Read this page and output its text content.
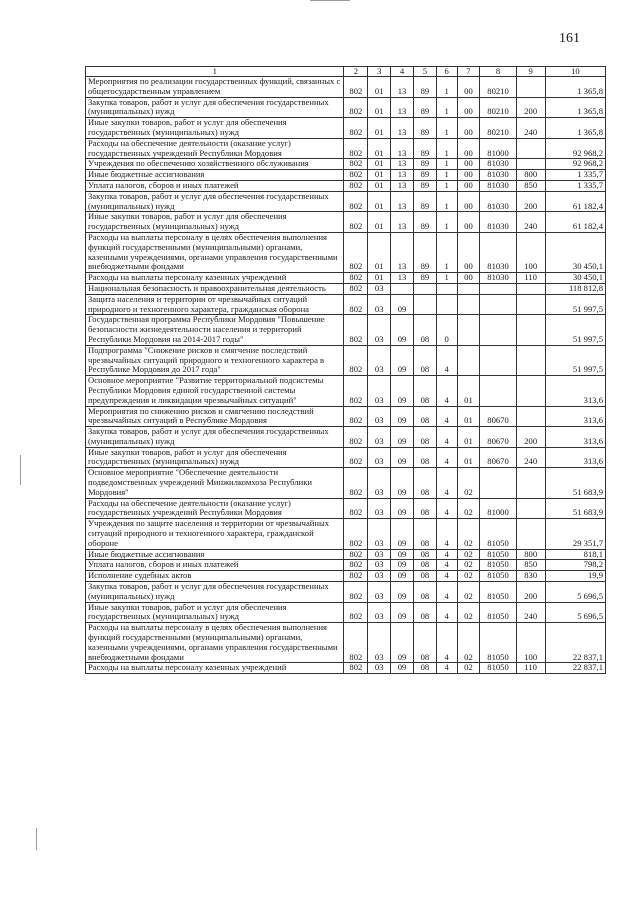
161
1	2	3	4	5	6	7	8	9	10
Мероприятия по реализации государственных функций, связанных с общегосударственным управлением	802	01	13	89	1	00	80210		1 365,8
Закупка товаров, работ и услуг для обеспечения государственных (муниципальных) нужд	802	01	13	89	1	00	80210	200	1 365,8
Иные закупки товаров, работ и услуг для обеспечения государственных (муниципальных) нужд	802	01	13	89	1	00	80210	240	1 365,8
Расходы на обеспечение деятельности (оказание услуг) государственных учреждений Республики Мордовия	802	01	13	89	1	00	81000		92 968,2
Учреждения по обеспечению хозяйственного обслуживания	802	01	13	89	1	00	81030		92 968,2
Иные бюджетные ассигнования	802	01	13	89	1	00	81030	800	1 335,7
Уплата налогов, сборов и иных платежей	802	01	13	89	1	00	81030	850	1 335,7
Закупка товаров, работ и услуг для обеспечения государственных (муниципальных) нужд	802	01	13	89	1	00	81030	200	61 182,4
Иные закупки товаров, работ и услуг для обеспечения государственных (муниципальных) нужд	802	01	13	89	1	00	81030	240	61 182,4
Расходы на выплаты персоналу в целях обеспечения выполнения функций государственными (муниципальными) органами, казенными учреждениями, органами управления государственными внебюджетными фондами	802	01	13	89	1	00	81030	100	30 450,1
Расходы на выплаты персоналу казенных учреждений	802	01	13	89	1	00	81030	110	30 450,1
Национальная безопасность и правоохранительная деятельность	802	03							118 812,8
Защита населения и территории от чрезвычайных ситуаций природного и техногенного характера, гражданская оборона	802	03	09						51 997,5
Государственная программа Республики Мордовия "Повышение безопасности жизнедеятельности населения и территорий Республики Мордовия на 2014-2017 годы"	802	03	09	08	0				51 997,5
Подпрограмма "Снижение рисков и смягчение последствий чрезвычайных ситуаций природного и техногенного характера в Республике Мордовия до 2017 года"	802	03	09	08	4				51 997,5
Основное мероприятие "Развитие территориальной подсистемы Республики Мордовия единой государственной системы предупреждения и ликвидации чрезвычайных ситуаций"	802	03	09	08	4	01			313,6
Мероприятия по снижению рисков и смягчению последствий чрезвычайных ситуаций в Республике Мордовия	802	03	09	08	4	01	80670		313,6
Закупка товаров, работ и услуг для обеспечения государственных (муниципальных) нужд	802	03	09	08	4	01	80670	200	313,6
Иные закупки товаров, работ и услуг для обеспечения государственных (муниципальных) нужд	802	03	09	08	4	01	80670	240	313,6
Основное мероприятие "Обеспечение деятельности подведомственных учреждений Минжилкомхоза Республики Мордовия"	802	03	09	08	4	02			51 683,9
Расходы на обеспечение деятельности (оказание услуг) государственных учреждений Республики Мордовия	802	03	09	08	4	02	81000		51 683,9
Учреждения по защите населения и территории от чрезвычайных ситуаций природного и техногенного характера, гражданской обороне	802	03	09	08	4	02	81050		29 351,7
Иные бюджетные ассигнования	802	03	09	08	4	02	81050	800	818,1
Уплата налогов, сборов и иных платежей	802	03	09	08	4	02	81050	850	798,2
Исполнение судебных актов	802	03	09	08	4	02	81050	830	19,9
Закупка товаров, работ и услуг для обеспечения государственных (муниципальных) нужд	802	03	09	08	4	02	81050	200	5 696,5
Иные закупки товаров, работ и услуг для обеспечения государственных (муниципальных) нужд	802	03	09	08	4	02	81050	240	5 696,5
Расходы на выплаты персоналу в целях обеспечения выполнения функций государственными (муниципальными) органами, казенными учреждениями, органами управления государственными внебюджетными фондами	802	03	09	08	4	02	81050	100	22 837,1
Расходы на выплаты персоналу казенных учреждений	802	03	09	08	4	02	81050	110	22 837,1
